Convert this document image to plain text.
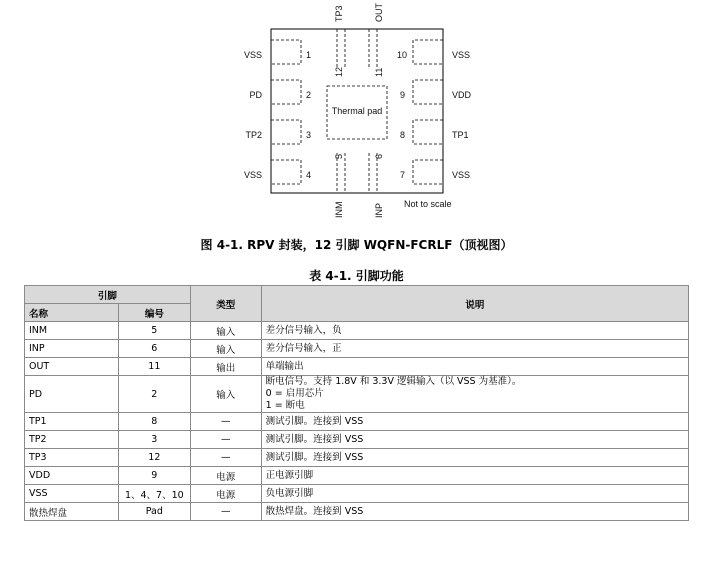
Thermal pad
VSS
PD
TP2
VSS
VSS
VDD
TP1
VSS
1
2
3
4
10
9
8
7
12	11
5	6
TP3	OUT
INM	INP Not to scale
图 4-1. RPV 封装，12 引脚 WQFN-FCRLF（顶视图）
表 4-1. 引脚功能
引脚		类型	说明
名称	编号		
INM	5	输入	差分信号输入，负

INP	6	输入	差分信号输入，正

OUT	11	输出	单端输出

PD	2	输入	断电信号。支持 1.8V 和 3.3V 逻辑输入（以 VSS 为基准）。
0 = 启用芯片
1 = 断电

TP1	8	—	测试引脚。连接到 VSS

TP2	3	—	测试引脚。连接到 VSS

TP3	12	—	测试引脚。连接到 VSS

VDD	9	电源	正电源引脚

VSS	1、4、7、10	电源	负电源引脚

散热焊盘	Pad	—	散热焊盘。连接到 VSS
